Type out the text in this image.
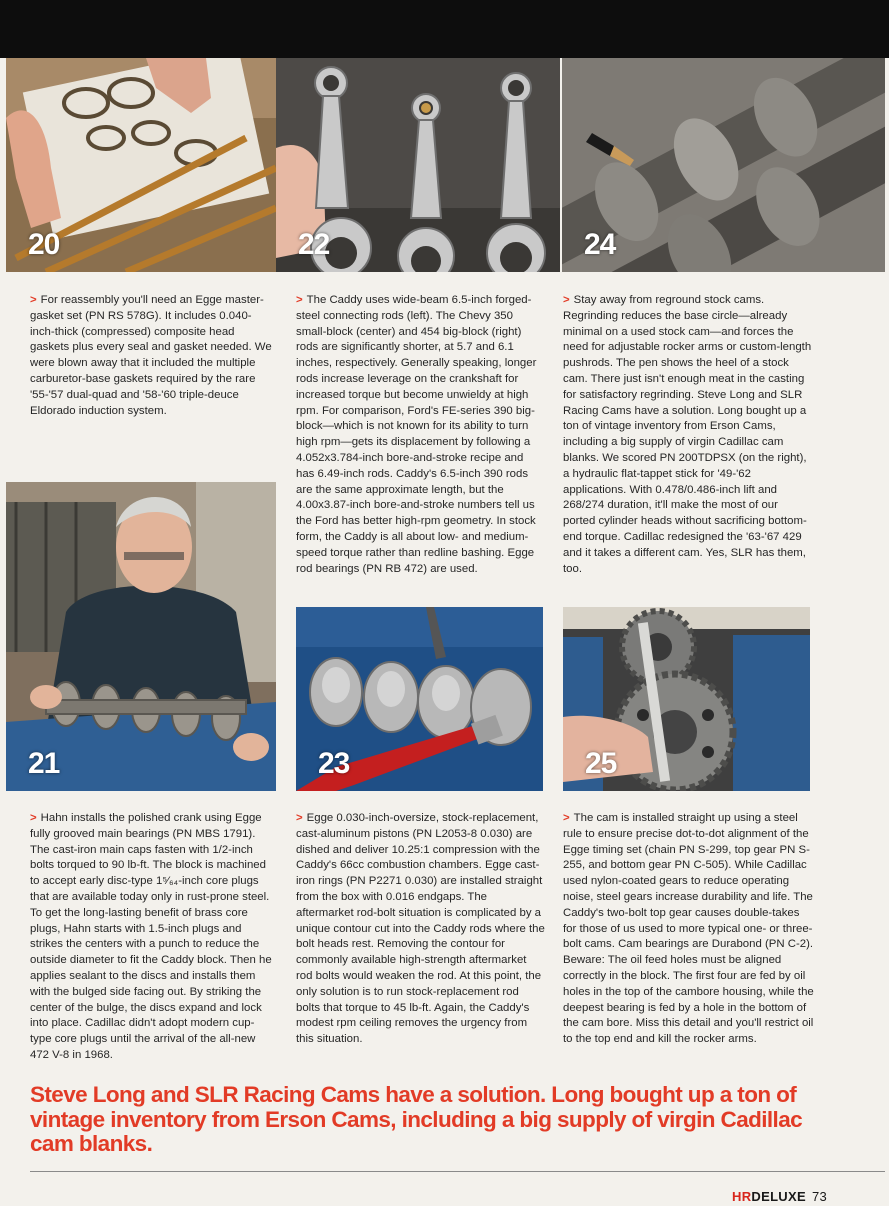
20	22	24
21	23	25

> For reassembly you'll need an Egge master-gasket set (PN RS 578G). It includes 0.040-inch-thick (compressed) composite head gaskets plus every seal and gasket needed. We were blown away that it included the multiple carburetor-base gaskets required by the rare '55-'57 dual-quad and '58-'60 triple-deuce Eldorado induction system.

> The Caddy uses wide-beam 6.5-inch forged-steel connecting rods (left). The Chevy 350 small-block (center) and 454 big-block (right) rods are significantly shorter, at 5.7 and 6.1 inches, respectively. Generally speaking, longer rods increase leverage on the crankshaft for increased torque but become unwieldy at high rpm. For comparison, Ford's FE-series 390 big-block—which is not known for its ability to turn high rpm—gets its displacement by following a 4.052x3.784-inch bore-and-stroke recipe and has 6.49-inch rods. Caddy's 6.5-inch 390 rods are the same approximate length, but the 4.00x3.87-inch bore-and-stroke numbers tell us the Ford has better high-rpm geometry. In stock form, the Caddy is all about low- and medium-speed torque rather than redline bashing. Egge rod bearings (PN RB 472) are used.

> Stay away from reground stock cams. Regrinding reduces the base circle—already minimal on a used stock cam—and forces the need for adjustable rocker arms or custom-length pushrods. The pen shows the heel of a stock cam. There just isn't enough meat in the casting for satisfactory regrinding. Steve Long and SLR Racing Cams have a solution. Long bought up a ton of vintage inventory from Erson Cams, including a big supply of virgin Cadillac cam blanks. We scored PN 200TDPSX (on the right), a hydraulic flat-tappet stick for '49-'62 applications. With 0.478/0.486-inch lift and 268/274 duration, it'll make the most of our ported cylinder heads without sacrificing bottom-end torque. Cadillac redesigned the '63-'67 429 and it takes a different cam. Yes, SLR has them, too.

> Hahn installs the polished crank using Egge fully grooved main bearings (PN MBS 1791). The cast-iron main caps fasten with 1/2-inch bolts torqued to 90 lb-ft. The block is machined to accept early disc-type 1⁵⁄₆₄-inch core plugs that are available today only in rust-prone steel. To get the long-lasting benefit of brass core plugs, Hahn starts with 1.5-inch plugs and strikes the centers with a punch to reduce the outside diameter to fit the Caddy block. Then he applies sealant to the discs and installs them with the bulged side facing out. By striking the center of the bulge, the discs expand and lock into place. Cadillac didn't adopt modern cup-type core plugs until the arrival of the all-new 472 V-8 in 1968.

> Egge 0.030-inch-oversize, stock-replacement, cast-aluminum pistons (PN L2053-8 0.030) are dished and deliver 10.25:1 compression with the Caddy's 66cc combustion chambers. Egge cast-iron rings (PN P2271 0.030) are installed straight from the box with 0.016 endgaps. The aftermarket rod-bolt situation is complicated by a unique contour cut into the Caddy rods where the bolt heads rest. Removing the contour for commonly available high-strength aftermarket rod bolts would weaken the rod. At this point, the only solution is to run stock-replacement rod bolts that torque to 45 lb-ft. Again, the Caddy's modest rpm ceiling removes the urgency from this situation.

> The cam is installed straight up using a steel rule to ensure precise dot-to-dot alignment of the Egge timing set (chain PN S-299, top gear PN S-255, and bottom gear PN C-505). While Cadillac used nylon-coated gears to reduce operating noise, steel gears increase durability and life. The Caddy's two-bolt top gear causes double-takes for those of us used to more typical one- or three-bolt cams. Cam bearings are Durabond (PN C-2). Beware: The oil feed holes must be aligned correctly in the block. The first four are fed by oil holes in the top of the cambore housing, while the deepest bearing is fed by a hole in the bottom of the cam bore. Miss this detail and you'll restrict oil to the top end and kill the rocker arms.

Steve Long and SLR Racing Cams have a solution. Long bought up a ton of vintage inventory from Erson Cams, including a big supply of virgin Cadillac cam blanks.

HRDELUXE 73
